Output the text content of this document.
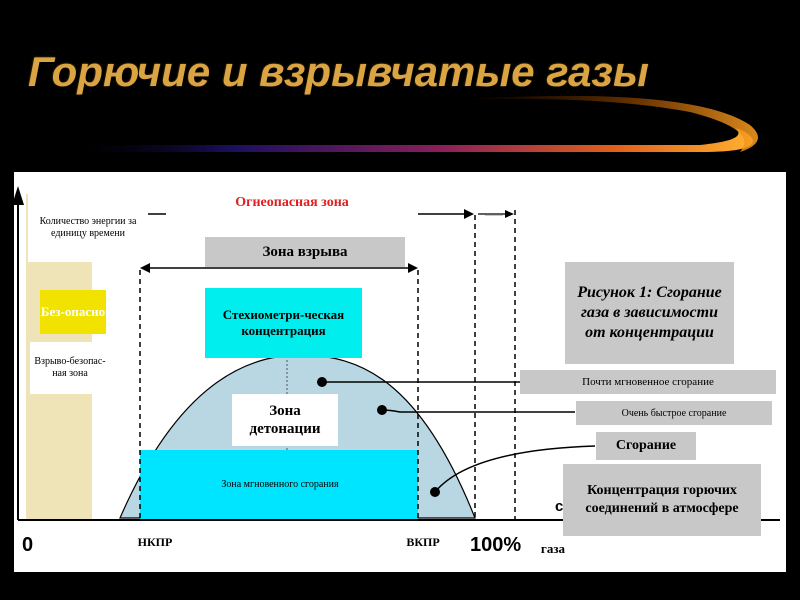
Горючие и взрывчатые газы
Количество энергии за единицу времени
Огнеопасная зона
———
Зона взрыва
Без-опасно
Взрыво-безопас-ная зона
Стехиометри-ческая концентрация
Зона детонации
Зона мгновенного сгорания
Рисунок 1: Сгорание газа в зависимости от концентрации
Почти мгновенное сгорание
Очень быстрое сгорание
Сгорание
Концентрация горючих соединений в атмосфере
с
0	НКПР	ВКПР	100%	газа
